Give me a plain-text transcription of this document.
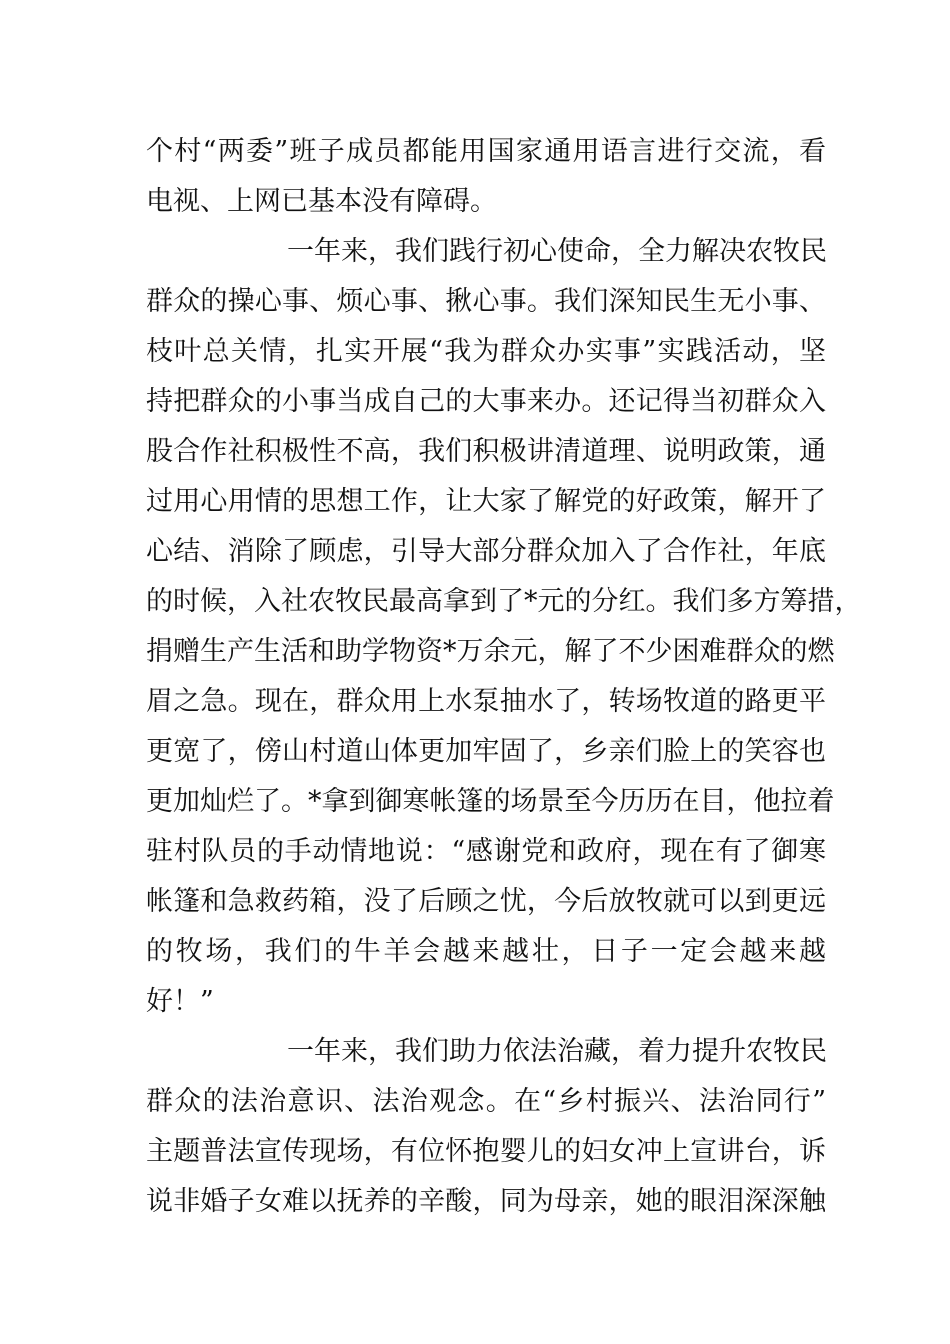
个村“两委”班子成员都能用国家通用语言进行交流，看
电视、上网已基本没有障碍。
一年来，我们践行初心使命，全力解决农牧民
群众的操心事、烦心事、揪心事。我们深知民生无小事、
枝叶总关情，扎实开展“我为群众办实事”实践活动，坚
持把群众的小事当成自己的大事来办。还记得当初群众入
股合作社积极性不高，我们积极讲清道理、说明政策，通
过用心用情的思想工作，让大家了解党的好政策，解开了
心结、消除了顾虑，引导大部分群众加入了合作社，年底
的时候，入社农牧民最高拿到了*元的分红。我们多方筹措，
捐赠生产生活和助学物资*万余元，解了不少困难群众的燃
眉之急。现在，群众用上水泵抽水了，转场牧道的路更平
更宽了，傍山村道山体更加牢固了，乡亲们脸上的笑容也
更加灿烂了。*拿到御寒帐篷的场景至今历历在目，他拉着
驻村队员的手动情地说：“感谢党和政府，现在有了御寒
帐篷和急救药箱，没了后顾之忧，今后放牧就可以到更远
的牧场，我们的牛羊会越来越壮，日子一定会越来越
好！”
一年来，我们助力依法治藏，着力提升农牧民
群众的法治意识、法治观念。在“乡村振兴、法治同行”
主题普法宣传现场，有位怀抱婴儿的妇女冲上宣讲台，诉
说非婚子女难以抚养的辛酸，同为母亲，她的眼泪深深触
